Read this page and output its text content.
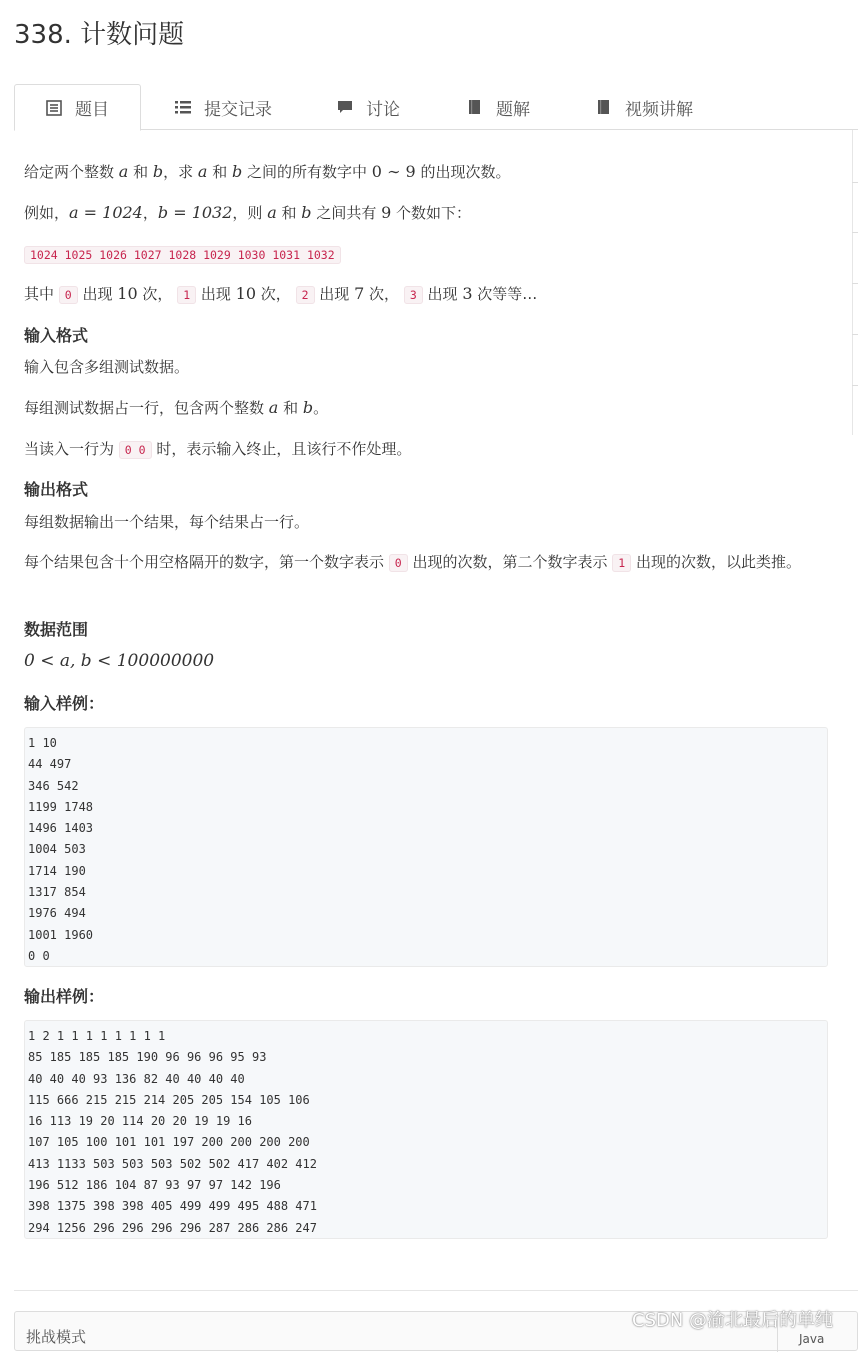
338. 计数问题
题目	提交记录	讨论	题解	视频讲解
给定两个整数 a 和 b，求 a 和 b 之间的所有数字中 0 ∼ 9 的出现次数。
例如，a = 1024，b = 1032，则 a 和 b 之间共有 9 个数如下：
1024 1025 1026 1027 1028 1029 1030 1031 1032
其中 0 出现 10 次， 1 出现 10 次， 2 出现 7 次， 3 出现 3 次等等…
输入格式
输入包含多组测试数据。
每组测试数据占一行，包含两个整数 a 和 b。
当读入一行为 0 0 时，表示输入终止，且该行不作处理。
输出格式
每组数据输出一个结果，每个结果占一行。
每个结果包含十个用空格隔开的数字，第一个数字表示 0 出现的次数，第二个数字表示 1 出现的次数，以此类推。
数据范围
0 < a, b < 100000000
输入样例：
1 10
44 497
346 542
1199 1748
1496 1403
1004 503
1714 190
1317 854
1976 494
1001 1960
0 0
输出样例：
1 2 1 1 1 1 1 1 1 1
85 185 185 185 190 96 96 96 95 93
40 40 40 93 136 82 40 40 40 40
115 666 215 215 214 205 205 154 105 106
16 113 19 20 114 20 20 19 19 16
107 105 100 101 101 197 200 200 200 200
413 1133 503 503 503 502 502 417 402 412
196 512 186 104 87 93 97 97 142 196
398 1375 398 398 405 499 499 495 488 471
294 1256 296 296 296 296 287 286 286 247
挑战模式	Java
CSDN @渝北最后的单纯
